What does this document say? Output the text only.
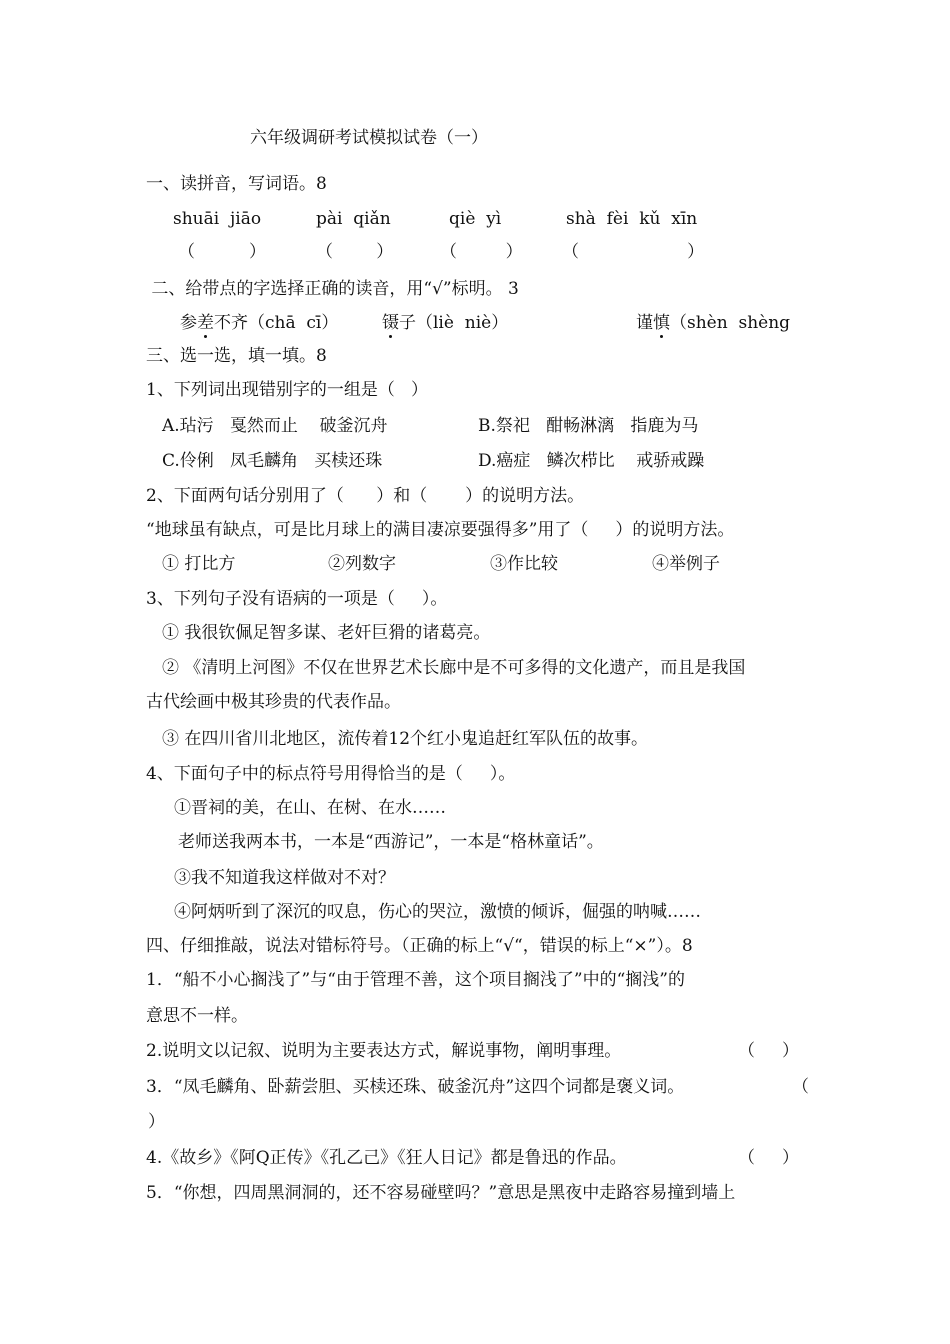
六年级调研考试模拟试卷（一）
一、读拼音，写词语。8
shuāi  jiāo	pài  qiǎn	qiè  yì	shà  fèi  kǔ  xīn
（          ）	（        ）	（         ） （                    ）
二、给带点的字选择正确的读音，用“√”标明。 3
参差不齐（chā  cī）	镊子（liè  niè）	谨慎（shèn  shèng
三、选一选，填一填。8
1、下列词出现错别字的一组是（   ）
A.玷污   戛然而止    破釜沉舟	B.祭祀   酣畅淋漓   指鹿为马
C.伶俐   凤毛麟角   买椟还珠	D.癌症   鳞次栉比    戒骄戒躁
2、下面两句话分别用了（      ）和（       ）的说明方法。
“地球虽有缺点，可是比月球上的满目凄凉要强得多”用了（     ）的说明方法。
① 打比方	②列数字	③作比较	④举例子
3、下列句子没有语病的一项是（     ）。
① 我很钦佩足智多谋、老奸巨猾的诸葛亮。
② 《清明上河图》不仅在世界艺术长廊中是不可多得的文化遗产，而且是我国
古代绘画中极其珍贵的代表作品。
③ 在四川省川北地区，流传着12个红小鬼追赶红军队伍的故事。
4、下面句子中的标点符号用得恰当的是（     ）。
①晋祠的美，在山、在树、在水……
老师送我两本书，一本是“西游记”，一本是“格林童话”。
③我不知道我这样做对不对？
④阿炳听到了深沉的叹息，伤心的哭泣，激愤的倾诉，倔强的呐喊……
四、仔细推敲，说法对错标符号。（正确的标上“√“，错误的标上“×”）。8
1．“船不小心搁浅了”与“由于管理不善，这个项目搁浅了”中的“搁浅”的
意思不一样。
2.说明文以记叙、说明为主要表达方式，解说事物，阐明事理。	（     ）
3．“凤毛麟角、卧薪尝胆、买椟还珠、破釜沉舟”这四个词都是褒义词。	（
）
4.《故乡》《阿Q正传》《孔乙己》《狂人日记》都是鲁迅的作品。	（     ）
5．“你想，四周黑洞洞的，还不容易碰壁吗？”意思是黑夜中走路容易撞到墙上
